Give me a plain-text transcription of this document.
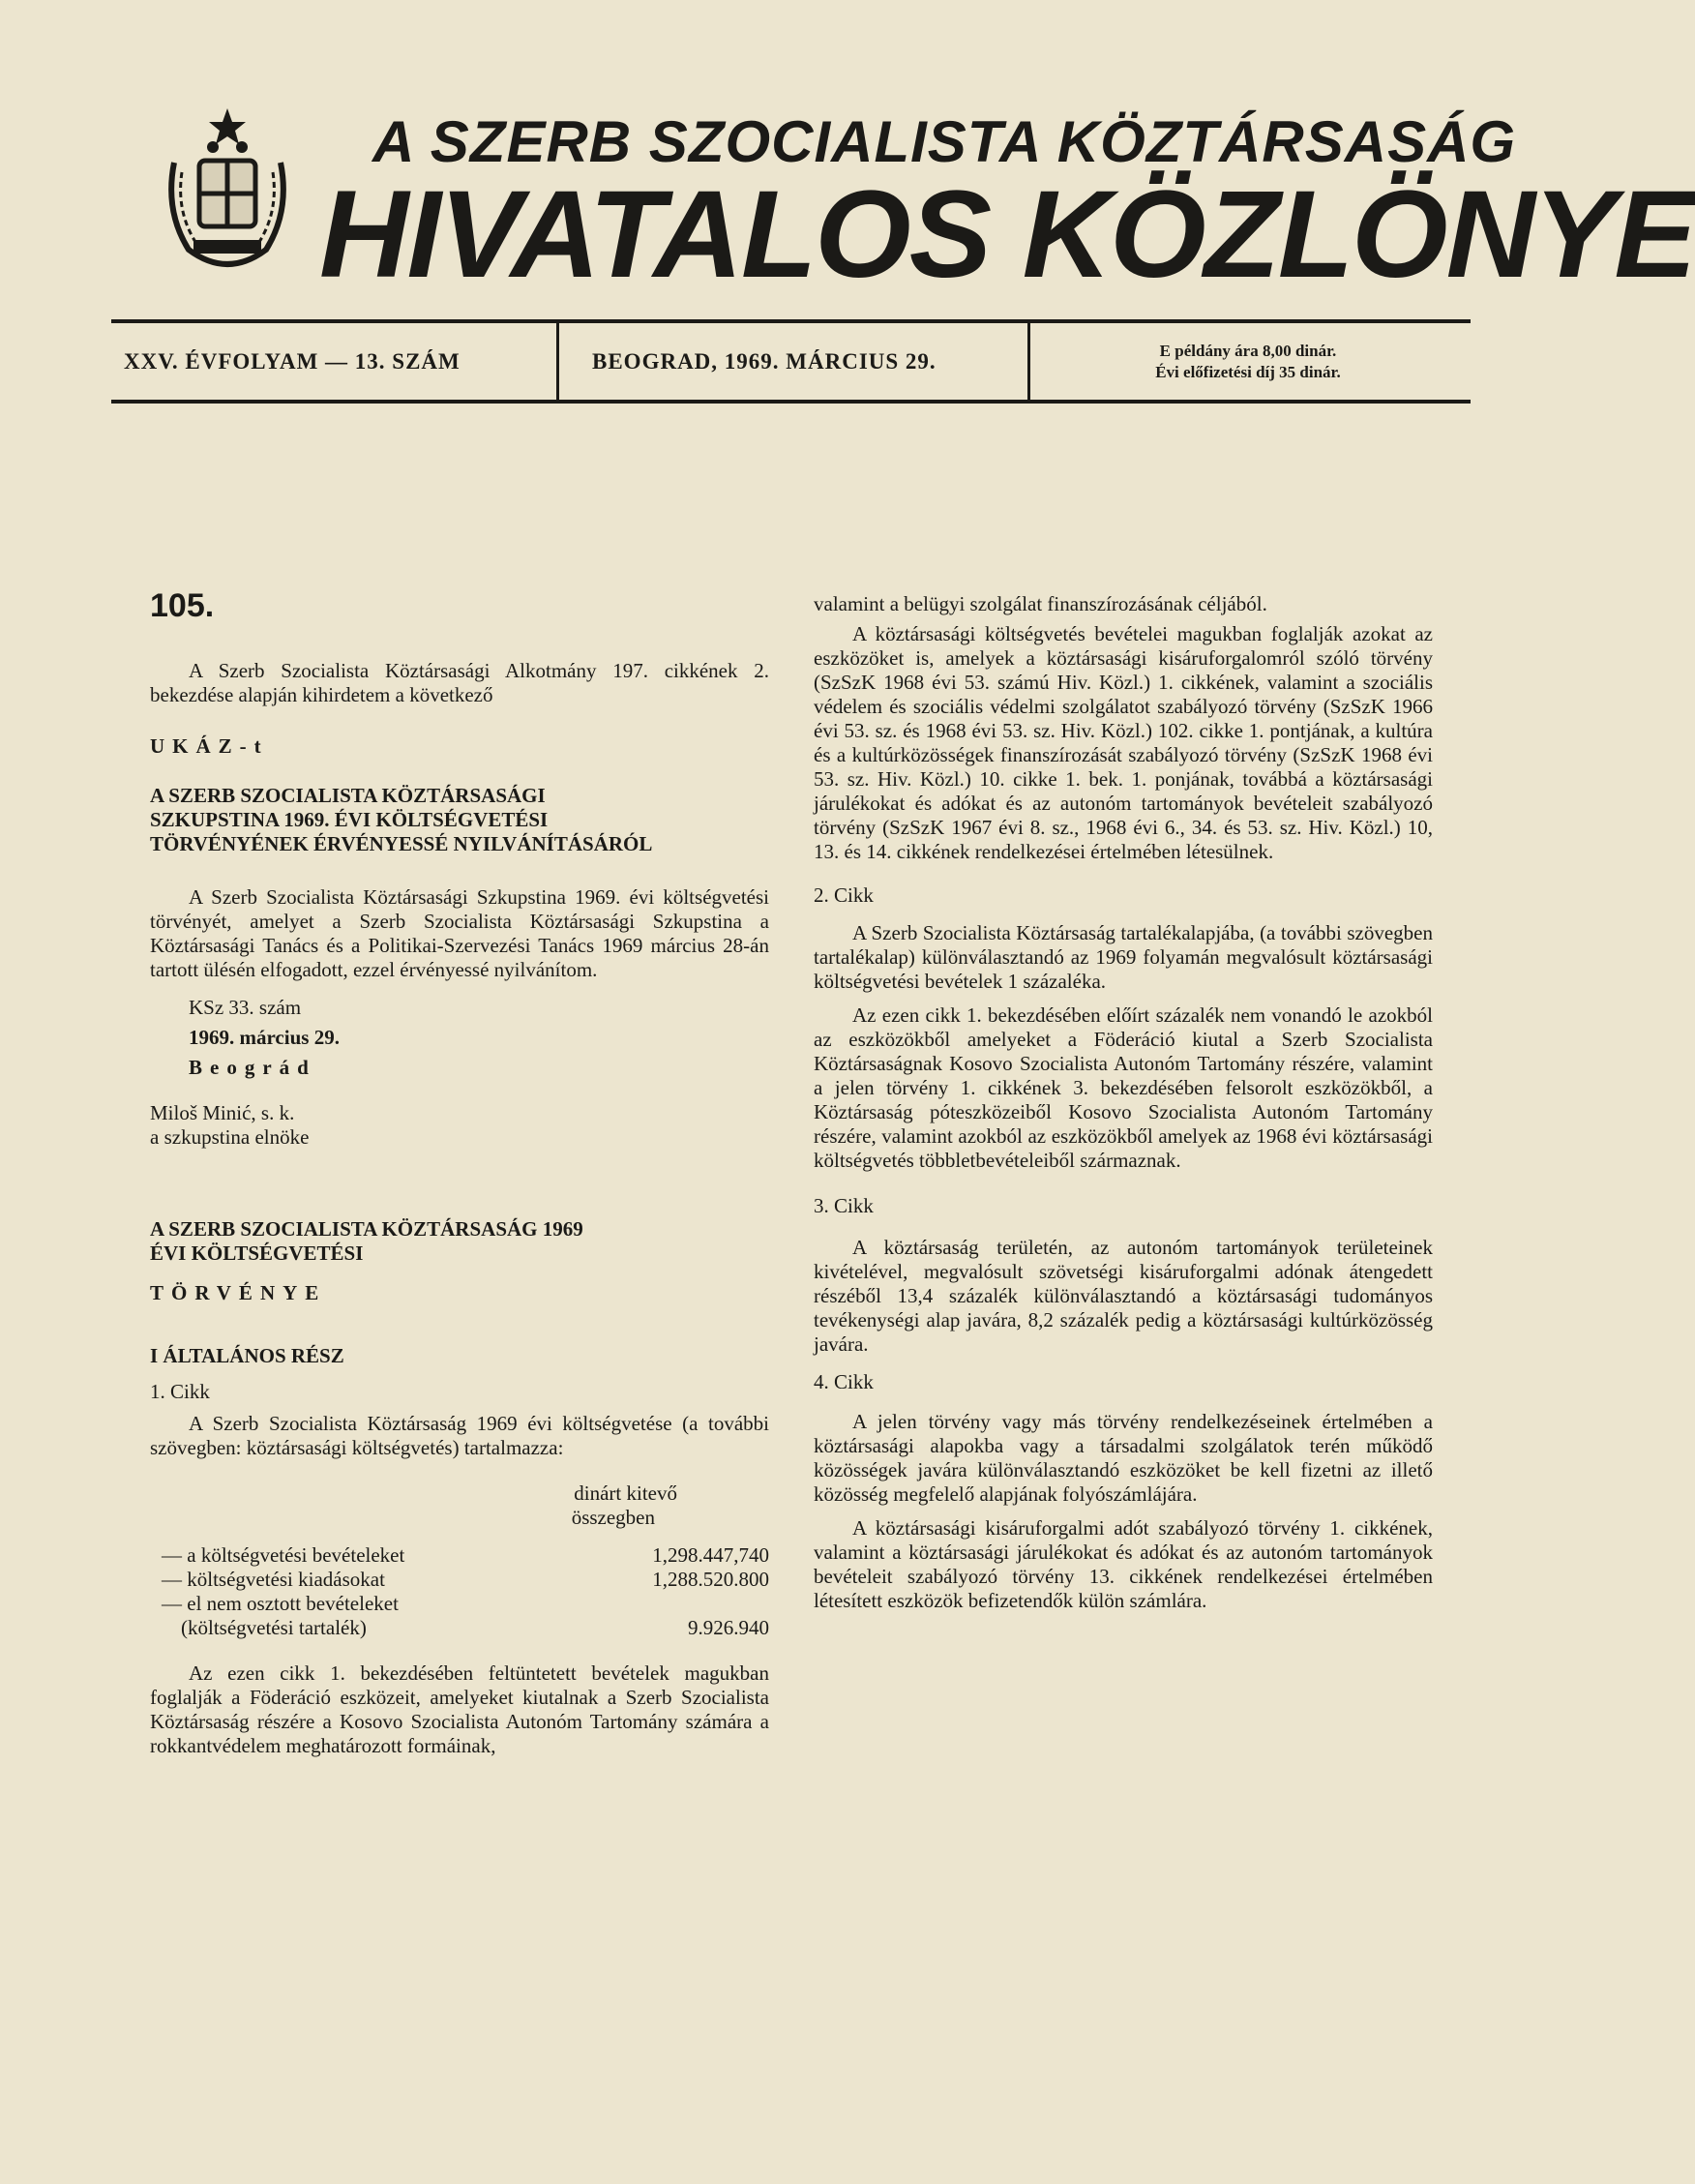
A SZERB SZOCIALISTA KÖZTÁRSASÁG
HIVATALOS KÖZLÖNYE
XXV. ÉVFOLYAM — 13. SZÁM	BEOGRAD, 1969. MÁRCIUS 29.	E példány ára 8,00 dinár.
Évi előfizetési díj 35 dinár.
105.

A Szerb Szocialista Köztársasági Alkotmány 197. cikkének 2. bekezdése alapján kihirdetem a következő

UKÁZ-t

A SZERB SZOCIALISTA KÖZTÁRSASÁGI

SZKUPSTINA 1969. ÉVI KÖLTSÉGVETÉSI

TÖRVÉNYÉNEK ÉRVÉNYESSÉ NYILVÁNÍTÁSÁRÓL

A Szerb Szocialista Köztársasági Szkupstina 1969. évi költségvetési törvényét, amelyet a Szerb Szocialista Köztársasági Szkupstina a Köztársasági Tanács és a Politikai-Szervezési Tanács 1969 március 28-án tartott ülésén elfogadott, ezzel érvényessé nyilvánítom.

KSz 33. szám

1969. március 29.

Beográd

Miloš Minić, s. k.

a szkupstina elnöke

A SZERB SZOCIALISTA KÖZTÁRSASÁG 1969

ÉVI KÖLTSÉGVETÉSI

TÖRVÉNYE

I ÁLTALÁNOS RÉSZ

1. Cikk

A Szerb Szocialista Köztársaság 1969 évi költségvetése (a további szövegben: köztársasági költségvetés) tartalmazza:

dinárt kitevő
összegben
— a költségvetési bevételeket	1,298.447,740
— költségvetési kiadásokat	1,288.520.800
— el nem osztott bevételeket
(költségvetési tartalék)	9.926.940

Az ezen cikk 1. bekezdésében feltüntetett bevételek magukban foglalják a Föderáció eszközeit, amelyeket kiutalnak a Szerb Szocialista Köztársaság részére a Kosovo Szocialista Autonóm Tartomány számára a rokkantvédelem meghatározott formáinak,

valamint a belügyi szolgálat finanszírozásának céljából.

A köztársasági költségvetés bevételei magukban foglalják azokat az eszközöket is, amelyek a köztársasági kisáruforgalomról szóló törvény (SzSzK 1968 évi 53. számú Hiv. Közl.) 1. cikkének, valamint a szociális védelem és szociális védelmi szolgálatot szabályozó törvény (SzSzK 1966 évi 53. sz. és 1968 évi 53. sz. Hiv. Közl.) 102. cikke 1. pontjának, a kultúra és a kultúrközösségek finanszírozását szabályozó törvény (SzSzK 1968 évi 53. sz. Hiv. Közl.) 10. cikke 1. bek. 1. ponjának, továbbá a köztársasági járulékokat és adókat és az autonóm tartományok bevételeit szabályozó törvény (SzSzK 1967 évi 8. sz., 1968 évi 6., 34. és 53. sz. Hiv. Közl.) 10, 13. és 14. cikkének rendelkezései értelmében létesülnek.

2. Cikk

A Szerb Szocialista Köztársaság tartalékalapjába, (a további szövegben tartalékalap) különválasztandó az 1969 folyamán megvalósult köztársasági költségvetési bevételek 1 százaléka.

Az ezen cikk 1. bekezdésében előírt százalék nem vonandó le azokból az eszközökből amelyeket a Föderáció kiutal a Szerb Szocialista Köztársaságnak Kosovo Szocialista Autonóm Tartomány részére, valamint a jelen törvény 1. cikkének 3. bekezdésében felsorolt eszközökből, a Köztársaság póteszközeiből Kosovo Szocialista Autonóm Tartomány részére, valamint azokból az eszközökből amelyek az 1968 évi köztársasági költségvetés többletbevételeiből származnak.

3. Cikk

A köztársaság területén, az autonóm tartományok területeinek kivételével, megvalósult szövetségi kisáruforgalmi adónak átengedett részéből 13,4 százalék különválasztandó a köztársasági tudományos tevékenységi alap javára, 8,2 százalék pedig a köztársasági kultúrközösség javára.

4. Cikk

A jelen törvény vagy más törvény rendelkezéseinek értelmében a köztársasági alapokba vagy a társadalmi szolgálatok terén működő közösségek javára különválasztandó eszközöket be kell fizetni az illető közösség megfelelő alapjának folyószámlájára.

A köztársasági kisáruforgalmi adót szabályozó törvény 1. cikkének, valamint a köztársasági járulékokat és adókat és az autonóm tartományok bevételeit szabályozó törvény 13. cikkének rendelkezései értelmében létesített eszközök befizetendők külön számlára.
